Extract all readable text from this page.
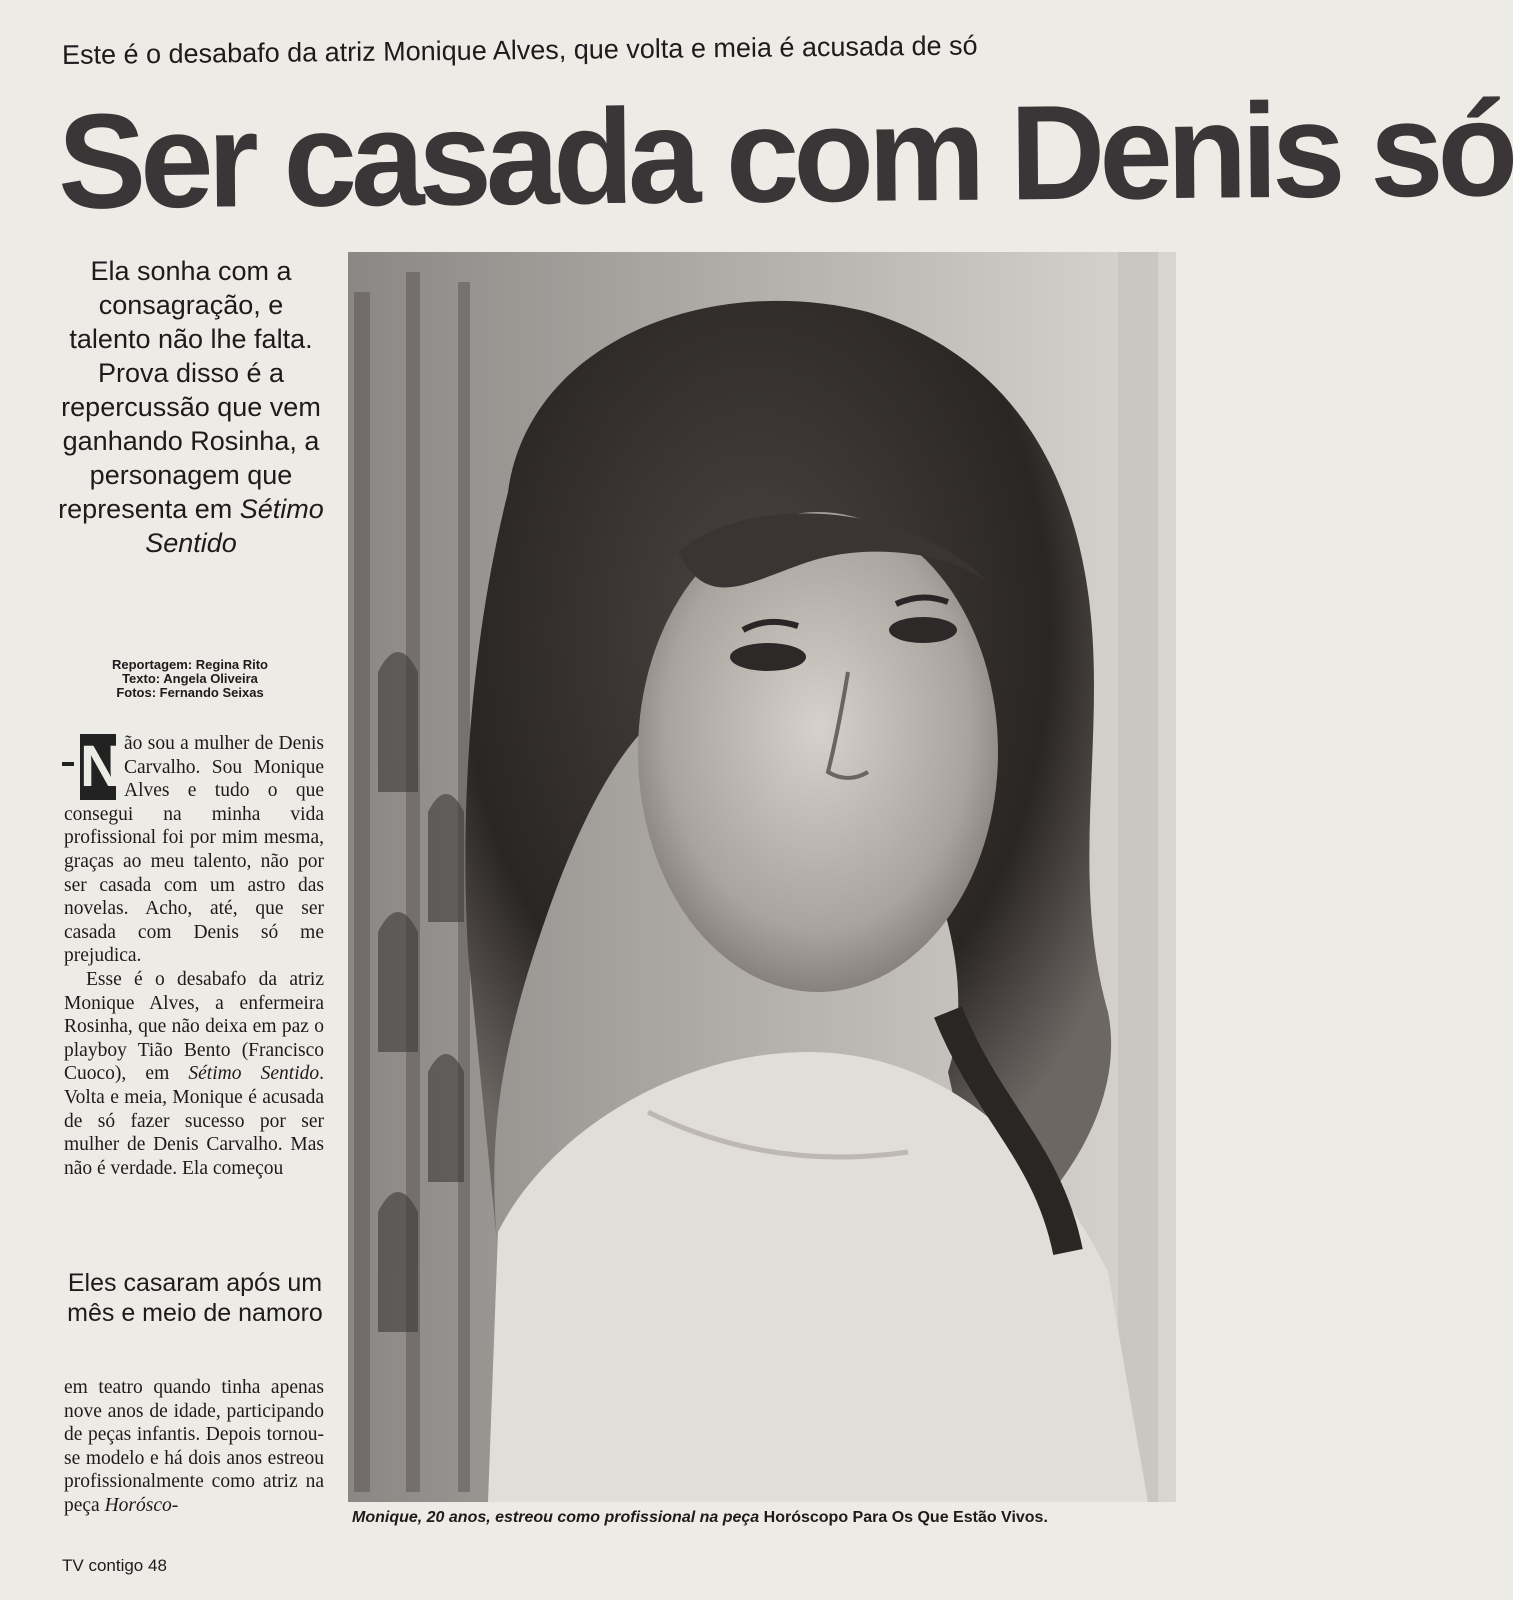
Este é o desabafo da atriz Monique Alves, que volta e meia é acusada de só
Ser casada com Denis só
Ela sonha com a consagração, e talento não lhe falta. Prova disso é a repercussão que vem ganhando Rosinha, a personagem que representa em Sétimo Sentido
Reportagem: Regina Rito
Texto: Angela Oliveira
Fotos: Fernando Seixas
N ão sou a mulher de Denis Carvalho. Sou Monique Alves e tudo o que consegui na minha vida profissional foi por mim mesma, graças ao meu talento, não por ser casada com um astro das novelas. Acho, até, que ser casada com Denis só me prejudica.
Esse é o desabafo da atriz Monique Alves, a enfermeira Rosinha, que não deixa em paz o playboy Tião Bento (Francisco Cuoco), em Sétimo Sentido. Volta e meia, Monique é acusada de só fazer sucesso por ser mulher de Denis Carvalho. Mas não é verdade. Ela começou
Eles casaram após um mês e meio de namoro
em teatro quando tinha apenas nove anos de idade, participando de peças infantis. Depois tornou-se modelo e há dois anos estreou profissionalmente como atriz na peça Horósco-
Monique, 20 anos, estreou como profissional na peça Horóscopo Para Os Que Estão Vivos.
TV contigo 48
